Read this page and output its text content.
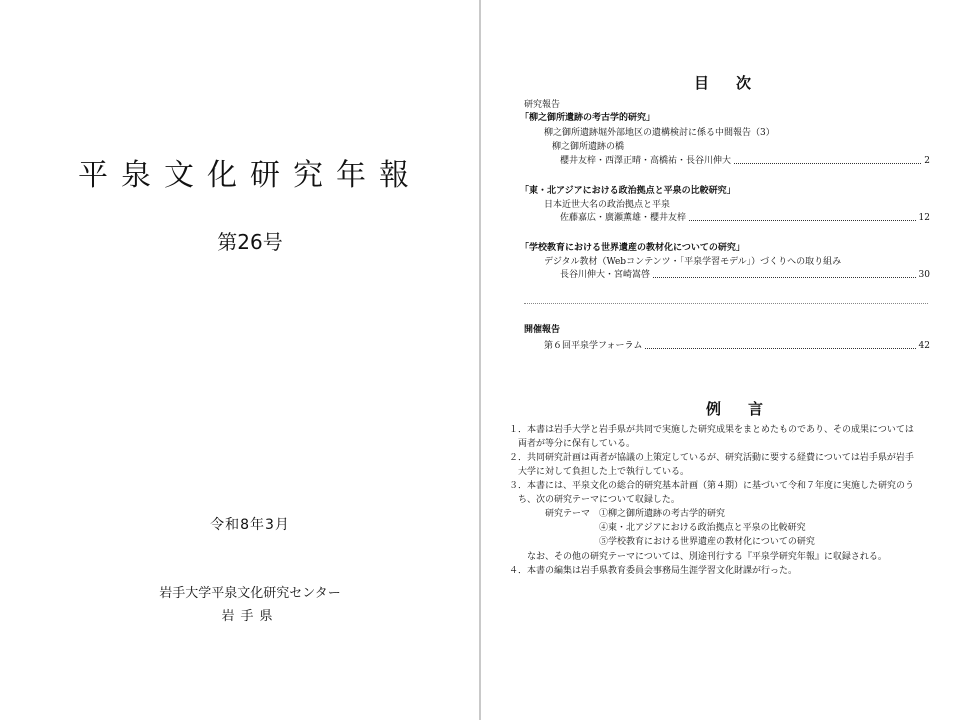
平泉文化研究年報
第26号
令和8年3月
岩手大学平泉文化研究センター
岩手県
目　次
研究報告
「柳之御所遺跡の考古学的研究」
柳之御所遺跡堀外部地区の遺構検討に係る中間報告（3）
柳之御所遺跡の橋
櫻井友梓・西澤正晴・高橋祐・長谷川伸大	2
「東・北アジアにおける政治拠点と平泉の比較研究」
日本近世大名の政治拠点と平泉
佐藤嘉広・廣瀬薫雄・櫻井友梓	12
「学校教育における世界遺産の教材化についての研究」
デジタル教材（Webコンテンツ・「平泉学習モデル」）づくりへの取り組み
長谷川伸大・宮崎嵩啓	30
開催報告
第６回平泉学フォーラム	42
例　言
１．本書は岩手大学と岩手県が共同で実施した研究成果をまとめたものであり、その成果については
　両者が等分に保有している。
２．共同研究計画は両者が協議の上策定しているが、研究活動に要する経費については岩手県が岩手
　大学に対して負担した上で執行している。
３．本書には、平泉文化の総合的研究基本計画（第４期）に基づいて令和７年度に実施した研究のう
　ち、次の研究テーマについて収録した。
　　　　研究テーマ　①柳之御所遺跡の考古学的研究
　　　　　　　　　　④東・北アジアにおける政治拠点と平泉の比較研究
　　　　　　　　　　⑤学校教育における世界遺産の教材化についての研究
　　なお、その他の研究テーマについては、別途刊行する『平泉学研究年報』に収録される。
４．本書の編集は岩手県教育委員会事務局生涯学習文化財課が行った。
